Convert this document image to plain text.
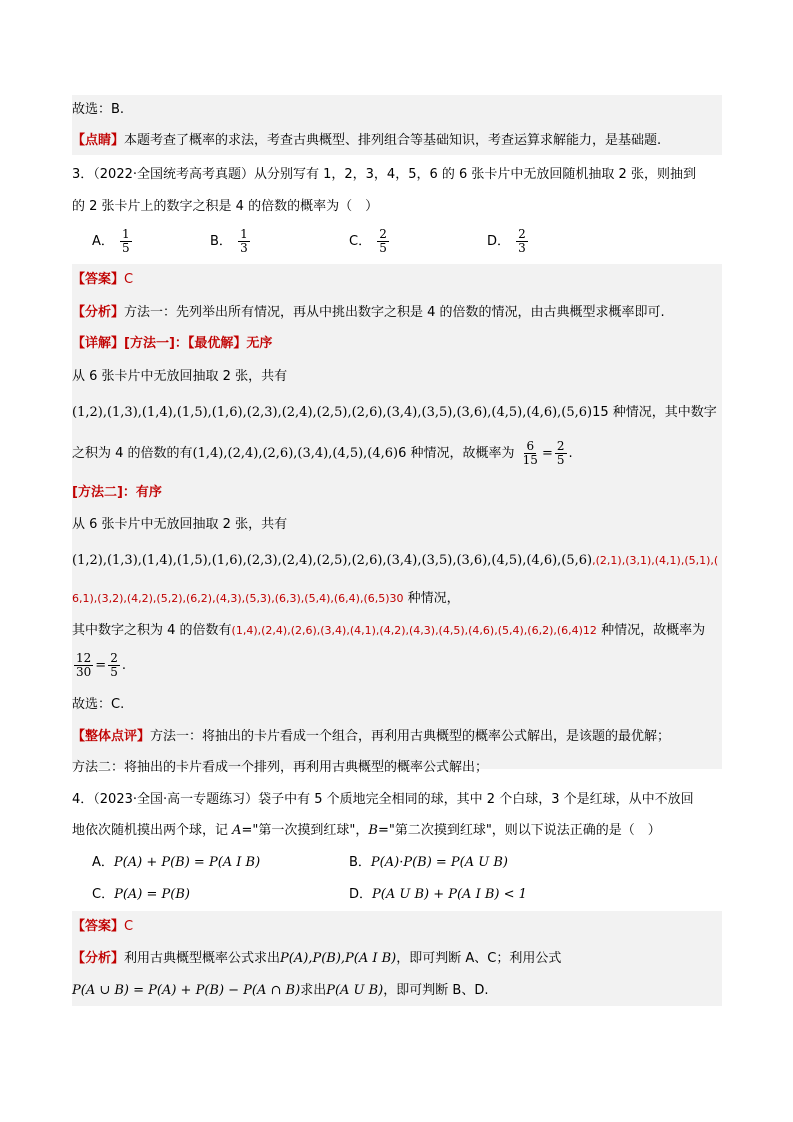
故选：B.
【点睛】本题考查了概率的求法，考查古典概型、排列组合等基础知识，考查运算求解能力，是基础题.
3．（2022·全国统考高考真题）从分别写有 1，2，3，4，5，6 的 6 张卡片中无放回随机抽取 2 张，则抽到
的 2 张卡片上的数字之积是 4 的倍数的概率为（　）
A． $\frac{1}{5}$	B． $\frac{1}{3}$	C． $\frac{2}{5}$	D． $\frac{2}{3}$
【答案】C
【分析】方法一：先列举出所有情况，再从中挑出数字之积是 4 的倍数的情况，由古典概型求概率即可.
【详解】[方法一]：【最优解】无序
从 6 张卡片中无放回抽取 2 张，共有
(1,2),(1,3),(1,4),(1,5),(1,6),(2,3),(2,4),(2,5),(2,6),(3,4),(3,5),(3,6),(4,5),(4,6),(5,6)15 种情况，其中数字
之积为 4 的倍数的有(1,4),(2,4),(2,6),(3,4),(4,5),(4,6)6 种情况，故概率为 $\frac{6}{15} = \frac{2}{5}$ .
[方法二]：有序
从 6 张卡片中无放回抽取 2 张，共有
(1,2),(1,3),(1,4),(1,5),(1,6),(2,3),(2,4),(2,5),(2,6),(3,4),(3,5),(3,6),(4,5),(4,6),(5,6),(2,1),(3,1),(4,1),(5,1),(
6,1),(3,2),(4,2),(5,2),(6,2),(4,3),(5,3),(6,3),(5,4),(6,4),(6,5)30 种情况，
其中数字之积为 4 的倍数有(1,4),(2,4),(2,6),(3,4),(4,1),(4,2),(4,3),(4,5),(4,6),(5,4),(6,2),(6,4)12 种情况，故概率为
$\frac{12}{30} = \frac{2}{5}$ .
故选：C.
【整体点评】方法一：将抽出的卡片看成一个组合，再利用古典概型的概率公式解出，是该题的最优解；
方法二：将抽出的卡片看成一个排列，再利用古典概型的概率公式解出；
4．（2023·全国·高一专题练习）袋子中有 5 个质地完全相同的球，其中 2 个白球，3 个是红球，从中不放回
地依次随机摸出两个球，记 A="第一次摸到红球"，B="第二次摸到红球"，则以下说法正确的是（　）
A．P(A) + P(B) = P(A I B)	B．P(A)·P(B) = P(A U B)
C．P(A) = P(B)	D．P(A U B) + P(A I B) < 1
【答案】C
【分析】利用古典概型概率公式求出P(A),P(B),P(A I B)，即可判断 A、C；利用公式
P(A ∪ B) = P(A) + P(B) − P(A ∩ B)求出P(A U B)，即可判断 B、D.
